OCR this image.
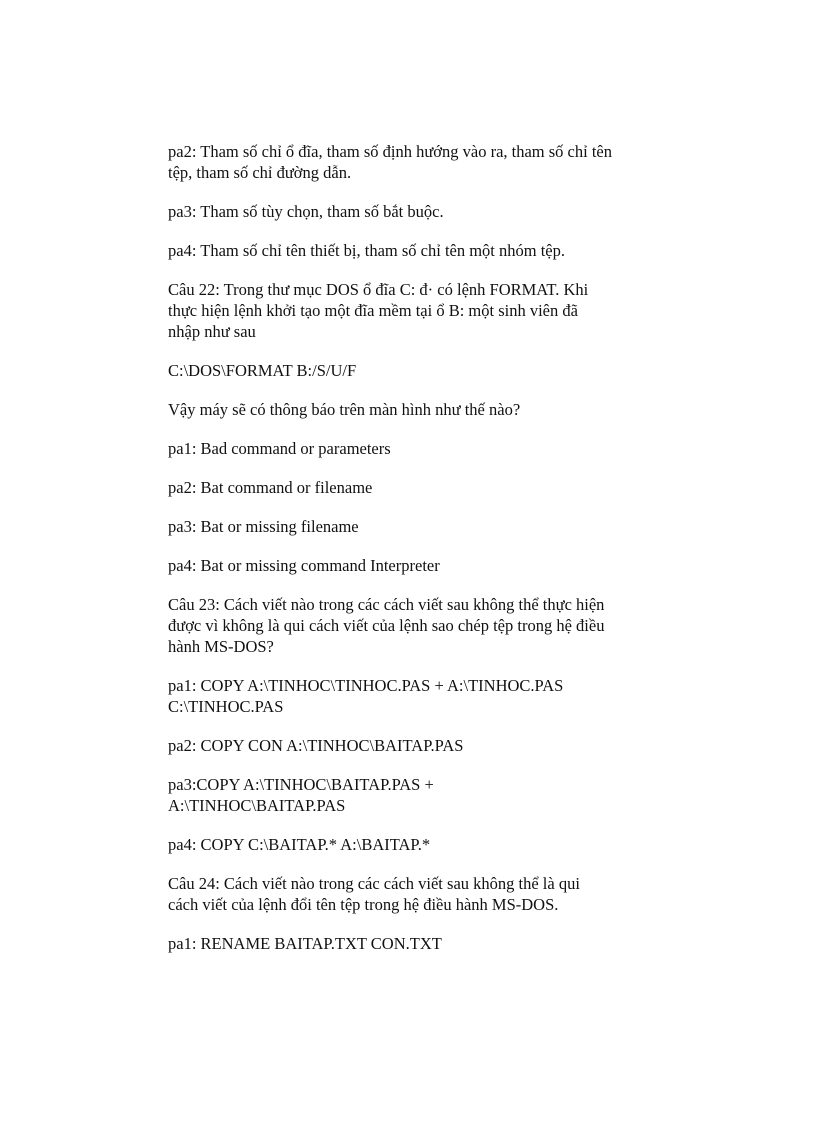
pa2: Tham số chỉ ổ đĩa, tham số định hướng vào ra, tham số chỉ tên
tệp, tham số chỉ đường dẫn.

pa3: Tham số tùy chọn, tham số bắt buộc.

pa4: Tham số chỉ tên thiết bị, tham số chỉ tên một nhóm tệp.

Câu 22: Trong thư mục DOS ổ đĩa C: đ· có lệnh FORMAT. Khi
thực hiện lệnh khởi tạo một đĩa mềm tại ổ B: một sinh viên đã
nhập như sau

C:\DOS\FORMAT B:/S/U/F

Vậy máy sẽ có thông báo trên màn hình như thế nào?

pa1: Bad command or parameters

pa2: Bat command or filename

pa3: Bat or missing filename

pa4: Bat or missing command Interpreter

Câu 23: Cách viết nào trong các cách viết sau không thể thực hiện
được vì không là qui cách viết của lệnh sao chép tệp trong hệ điều
hành MS-DOS?

pa1: COPY A:\TINHOC\TINHOC.PAS + A:\TINHOC.PAS
C:\TINHOC.PAS

pa2: COPY CON A:\TINHOC\BAITAP.PAS

pa3:COPY A:\TINHOC\BAITAP.PAS +
A:\TINHOC\BAITAP.PAS

pa4: COPY C:\BAITAP.* A:\BAITAP.*

Câu 24: Cách viết nào trong các cách viết sau không thể là qui
cách viết của lệnh đổi tên tệp trong hệ điều hành MS-DOS.

pa1: RENAME BAITAP.TXT CON.TXT
